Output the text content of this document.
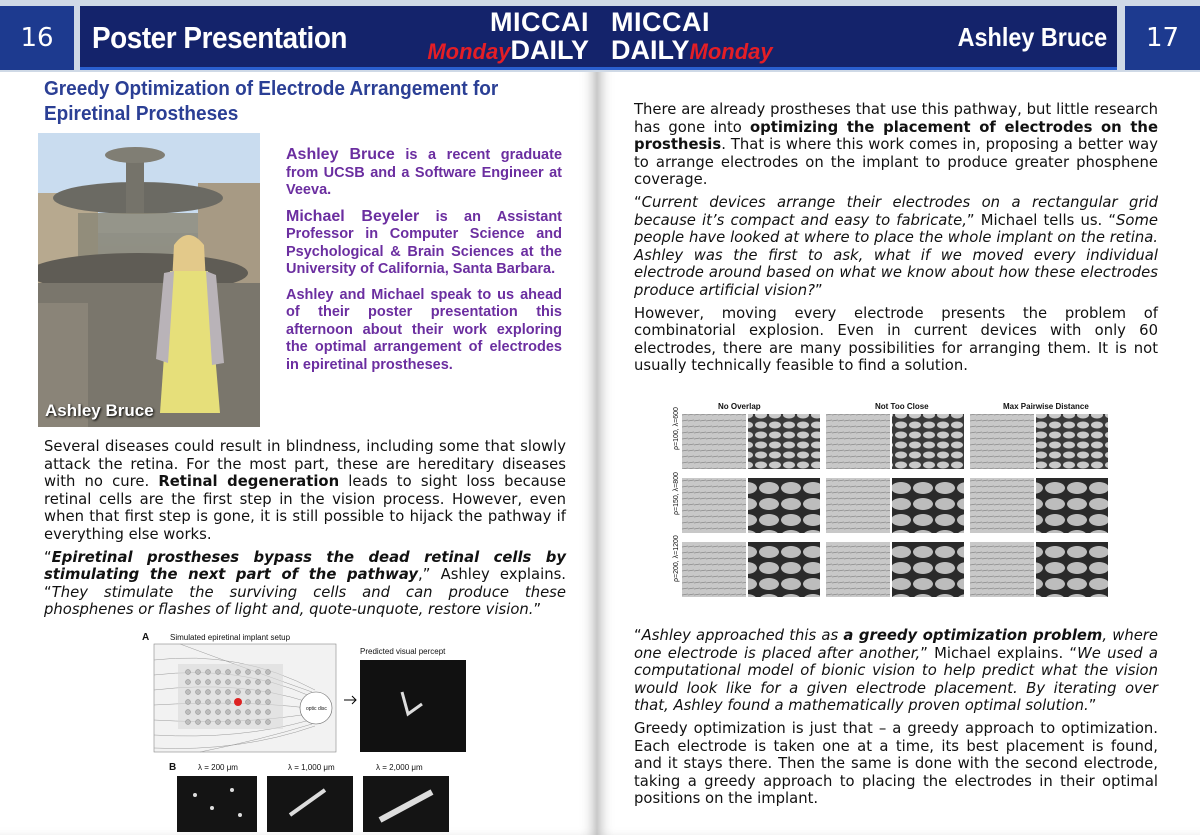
16	Poster Presentation	MICCAI
MondayDAILY
Greedy Optimization of Electrode Arrangement for Epiretinal Prostheses
Ashley Bruce

Ashley Bruce is a recent graduate from UCSB and a Software Engineer at Veeva.

Michael Beyeler is an Assistant Professor in Computer Science and Psychological & Brain Sciences at the University of California, Santa Barbara.

Ashley and Michael speak to us ahead of their poster presentation this afternoon about their work exploring the optimal arrangement of electrodes in epiretinal prostheses.

Several diseases could result in blindness, including some that slowly attack the retina. For the most part, these are hereditary diseases with no cure. Retinal degeneration leads to sight loss because retinal cells are the first step in the vision process. However, even when that first step is gone, it is still possible to hijack the pathway if everything else works.

“Epiretinal prostheses bypass the dead retinal cells by stimulating the next part of the pathway,” Ashley explains. “They stimulate the surviving cells and can produce these phosphenes or flashes of light and, quote-unquote, restore vision.”

A	Simulated epiretinal implant setup
optic disc
Predicted visual percept
B	λ = 200 μm	λ = 1,000 μm	λ = 2,000 μm
MICCAI
DAILYMonday	Ashley Bruce	17

There are already prostheses that use this pathway, but little research has gone into optimizing the placement of electrodes on the prosthesis. That is where this work comes in, proposing a better way to arrange electrodes on the implant to produce greater phosphene coverage.

“Current devices arrange their electrodes on a rectangular grid because it’s compact and easy to fabricate,” Michael tells us. “Some people have looked at where to place the whole implant on the retina. Ashley was the first to ask, what if we moved every individual electrode around based on what we know about how these electrodes produce artificial vision?”

However, moving every electrode presents the problem of combinatorial explosion. Even in current devices with only 60 electrodes, there are many possibilities for arranging them. It is not usually technically feasible to find a solution.

No Overlap	Not Too Close	Max Pairwise Distance
ρ=100, λ=600
ρ=150, λ=800
ρ=200, λ=1200

“Ashley approached this as a greedy optimization problem, where one electrode is placed after another,” Michael explains. “We used a computational model of bionic vision to help predict what the vision would look like for a given electrode placement. By iterating over that, Ashley found a mathematically proven optimal solution.”

Greedy optimization is just that – a greedy approach to optimization. Each electrode is taken one at a time, its best placement is found, and it stays there. Then the same is done with the second electrode, taking a greedy approach to placing the electrodes in their optimal positions on the implant.
